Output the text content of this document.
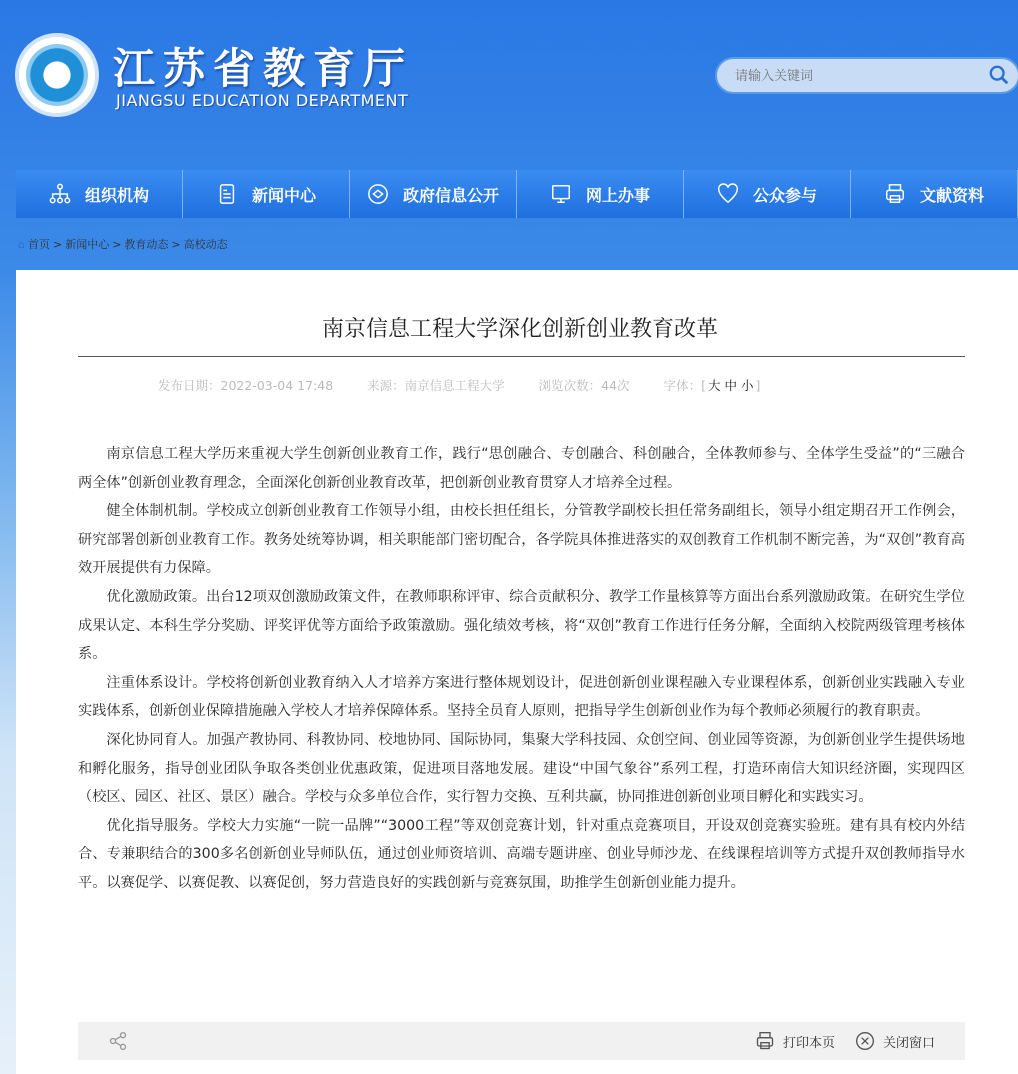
江苏省教育厅
JIANGSU EDUCATION DEPARTMENT
请输入关键词
组织机构	新闻中心	政府信息公开	网上办事	公众参与	文献资料
⌂ 首页 > 新闻中心 > 教育动态 > 高校动态
南京信息工程大学深化创新创业教育改革
发布日期：2022-03-04 17:48	来源：南京信息工程大学	浏览次数：44次	字体：[ 大 中 小 ]

南京信息工程大学历来重视大学生创新创业教育工作，践行“思创融合、专创融合、科创融合，全体教师参与、全体学生受益”的“三融合两全体”创新创业教育理念，全面深化创新创业教育改革，把创新创业教育贯穿人才培养全过程。

健全体制机制。学校成立创新创业教育工作领导小组，由校长担任组长，分管教学副校长担任常务副组长，领导小组定期召开工作例会，研究部署创新创业教育工作。教务处统筹协调，相关职能部门密切配合，各学院具体推进落实的双创教育工作机制不断完善，为“双创”教育高效开展提供有力保障。

优化激励政策。出台12项双创激励政策文件，在教师职称评审、综合贡献积分、教学工作量核算等方面出台系列激励政策。在研究生学位成果认定、本科生学分奖励、评奖评优等方面给予政策激励。强化绩效考核，将“双创”教育工作进行任务分解，全面纳入校院两级管理考核体系。

注重体系设计。学校将创新创业教育纳入人才培养方案进行整体规划设计，促进创新创业课程融入专业课程体系，创新创业实践融入专业实践体系，创新创业保障措施融入学校人才培养保障体系。坚持全员育人原则，把指导学生创新创业作为每个教师必须履行的教育职责。

深化协同育人。加强产教协同、科教协同、校地协同、国际协同，集聚大学科技园、众创空间、创业园等资源，为创新创业学生提供场地和孵化服务，指导创业团队争取各类创业优惠政策，促进项目落地发展。建设“中国气象谷”系列工程，打造环南信大知识经济圈，实现四区（校区、园区、社区、景区）融合。学校与众多单位合作，实行智力交换、互利共赢，协同推进创新创业项目孵化和实践实习。

优化指导服务。学校大力实施“一院一品牌”“3000工程”等双创竞赛计划，针对重点竞赛项目，开设双创竞赛实验班。建有具有校内外结合、专兼职结合的300多名创新创业导师队伍，通过创业师资培训、高端专题讲座、创业导师沙龙、在线课程培训等方式提升双创教师指导水平。以赛促学、以赛促教、以赛促创，努力营造良好的实践创新与竞赛氛围，助推学生创新创业能力提升。

打印本页	关闭窗口
